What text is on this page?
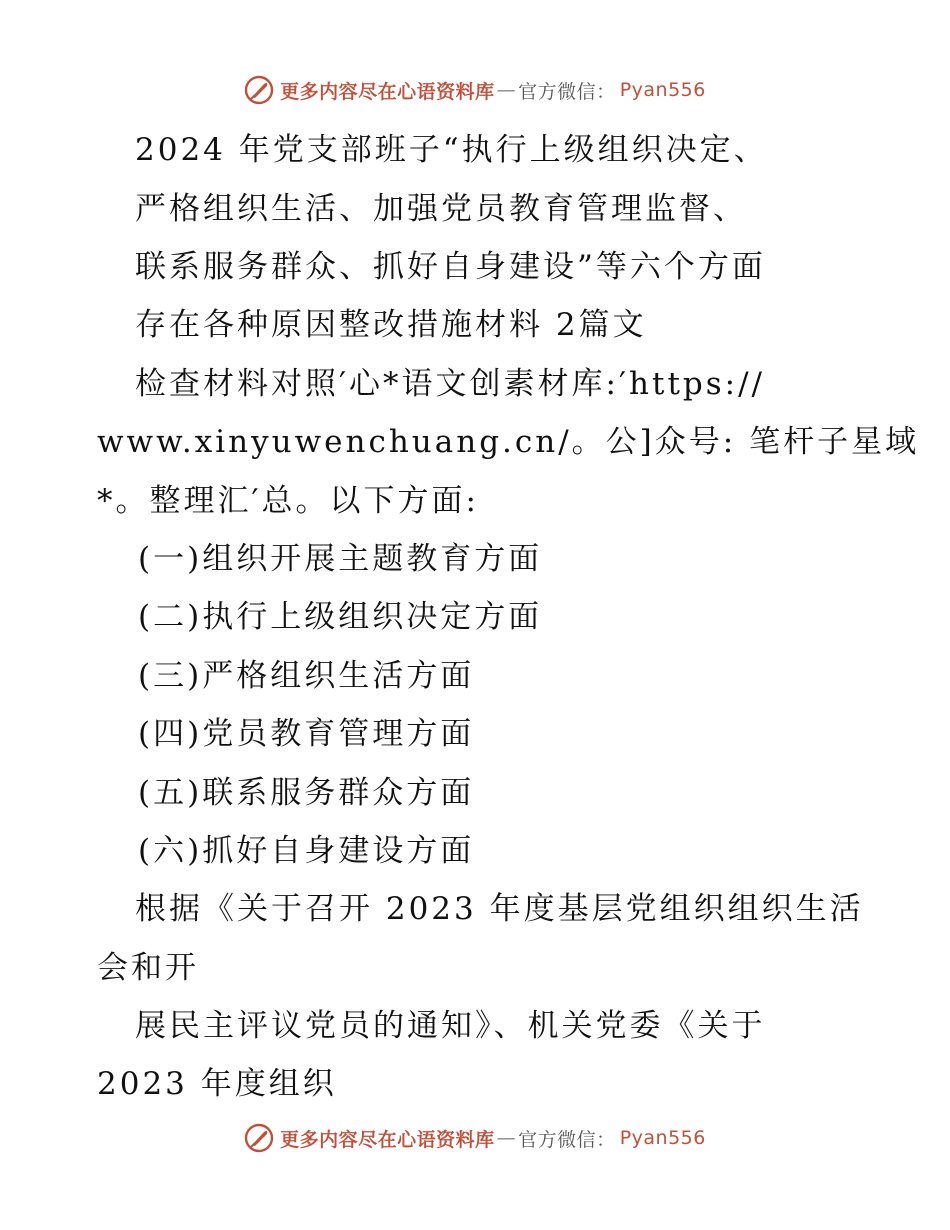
更多内容尽在心语资料库 — 官方微信： Pyan556
2024 年党支部班子“执行上级组织决定、
严格组织生活、加强党员教育管理监督、
联系服务群众、抓好自身建设”等六个方面
存在各种原因整改措施材料 2篇文
检查材料对照′心*语文创素材库:′https://
www.xinyuwenchuang.cn/。公]众号: 笔杆子星域
*。整理汇′总。以下方面:
(一)组织开展主题教育方面
(二)执行上级组织决定方面
(三)严格组织生活方面
(四)党员教育管理方面
(五)联系服务群众方面
(六)抓好自身建设方面
根据《关于召开 2023 年度基层党组织组织生活
会和开
展民主评议党员的通知》、机关党委《关于
2023 年度组织
更多内容尽在心语资料库 — 官方微信： Pyan556
